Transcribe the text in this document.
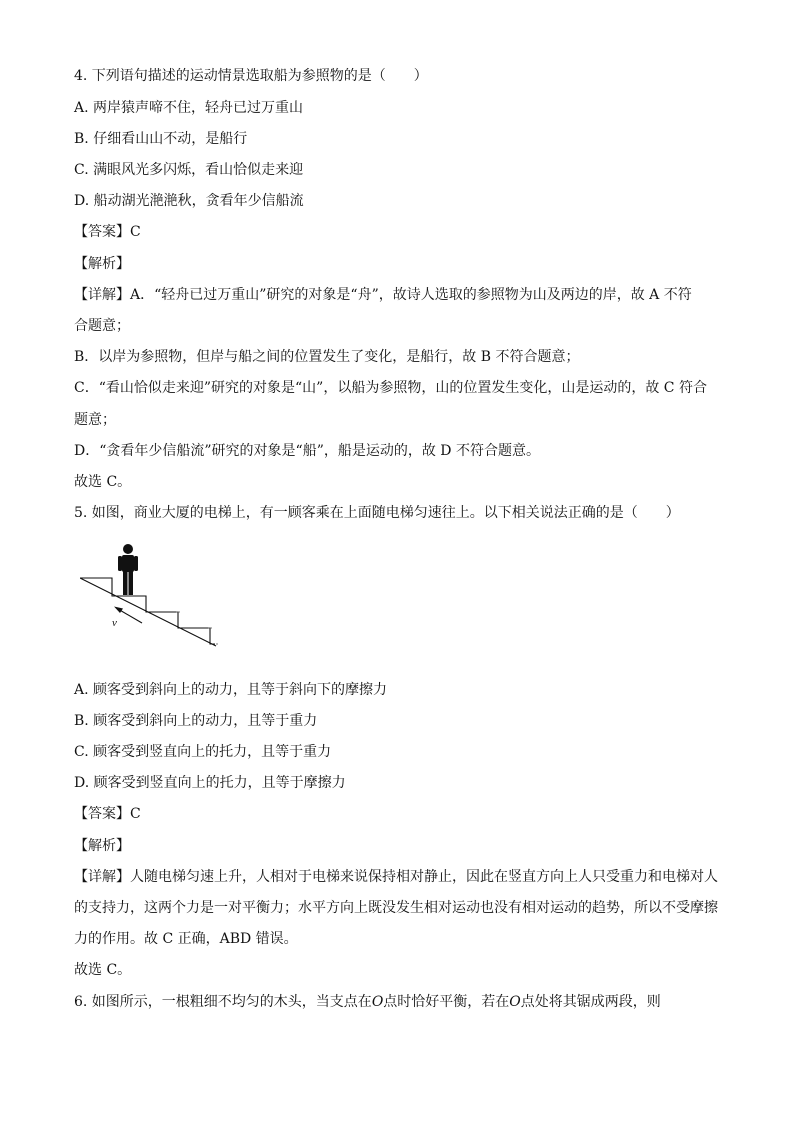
4. 下列语句描述的运动情景选取船为参照物的是（　　）
A. 两岸猿声啼不住，轻舟已过万重山
B. 仔细看山山不动，是船行
C. 满眼风光多闪烁，看山恰似走来迎
D. 船动湖光滟滟秋，贪看年少信船流
【答案】C
【解析】
【详解】A．“轻舟已过万重山”研究的对象是“舟”，故诗人选取的参照物为山及两边的岸，故 A 不符
合题意；
B．以岸为参照物，但岸与船之间的位置发生了变化，是船行，故 B 不符合题意；
C．“看山恰似走来迎”研究的对象是“山”，以船为参照物，山的位置发生变化，山是运动的，故 C 符合
题意；
D．“贪看年少信船流”研究的对象是“船”，船是运动的，故 D 不符合题意。
故选 C。
5. 如图，商业大厦的电梯上，有一顾客乘在上面随电梯匀速往上。以下相关说法正确的是（　　）
v
A. 顾客受到斜向上的动力，且等于斜向下的摩擦力
B. 顾客受到斜向上的动力，且等于重力
C. 顾客受到竖直向上的托力，且等于重力
D. 顾客受到竖直向上的托力，且等于摩擦力
【答案】C
【解析】
【详解】人随电梯匀速上升，人相对于电梯来说保持相对静止，因此在竖直方向上人只受重力和电梯对人
的支持力，这两个力是一对平衡力；水平方向上既没发生相对运动也没有相对运动的趋势，所以不受摩擦
力的作用。故 C 正确，ABD 错误。
故选 C。
6. 如图所示，一根粗细不均匀的木头，当支点在O点时恰好平衡，若在O点处将其锯成两段，则
